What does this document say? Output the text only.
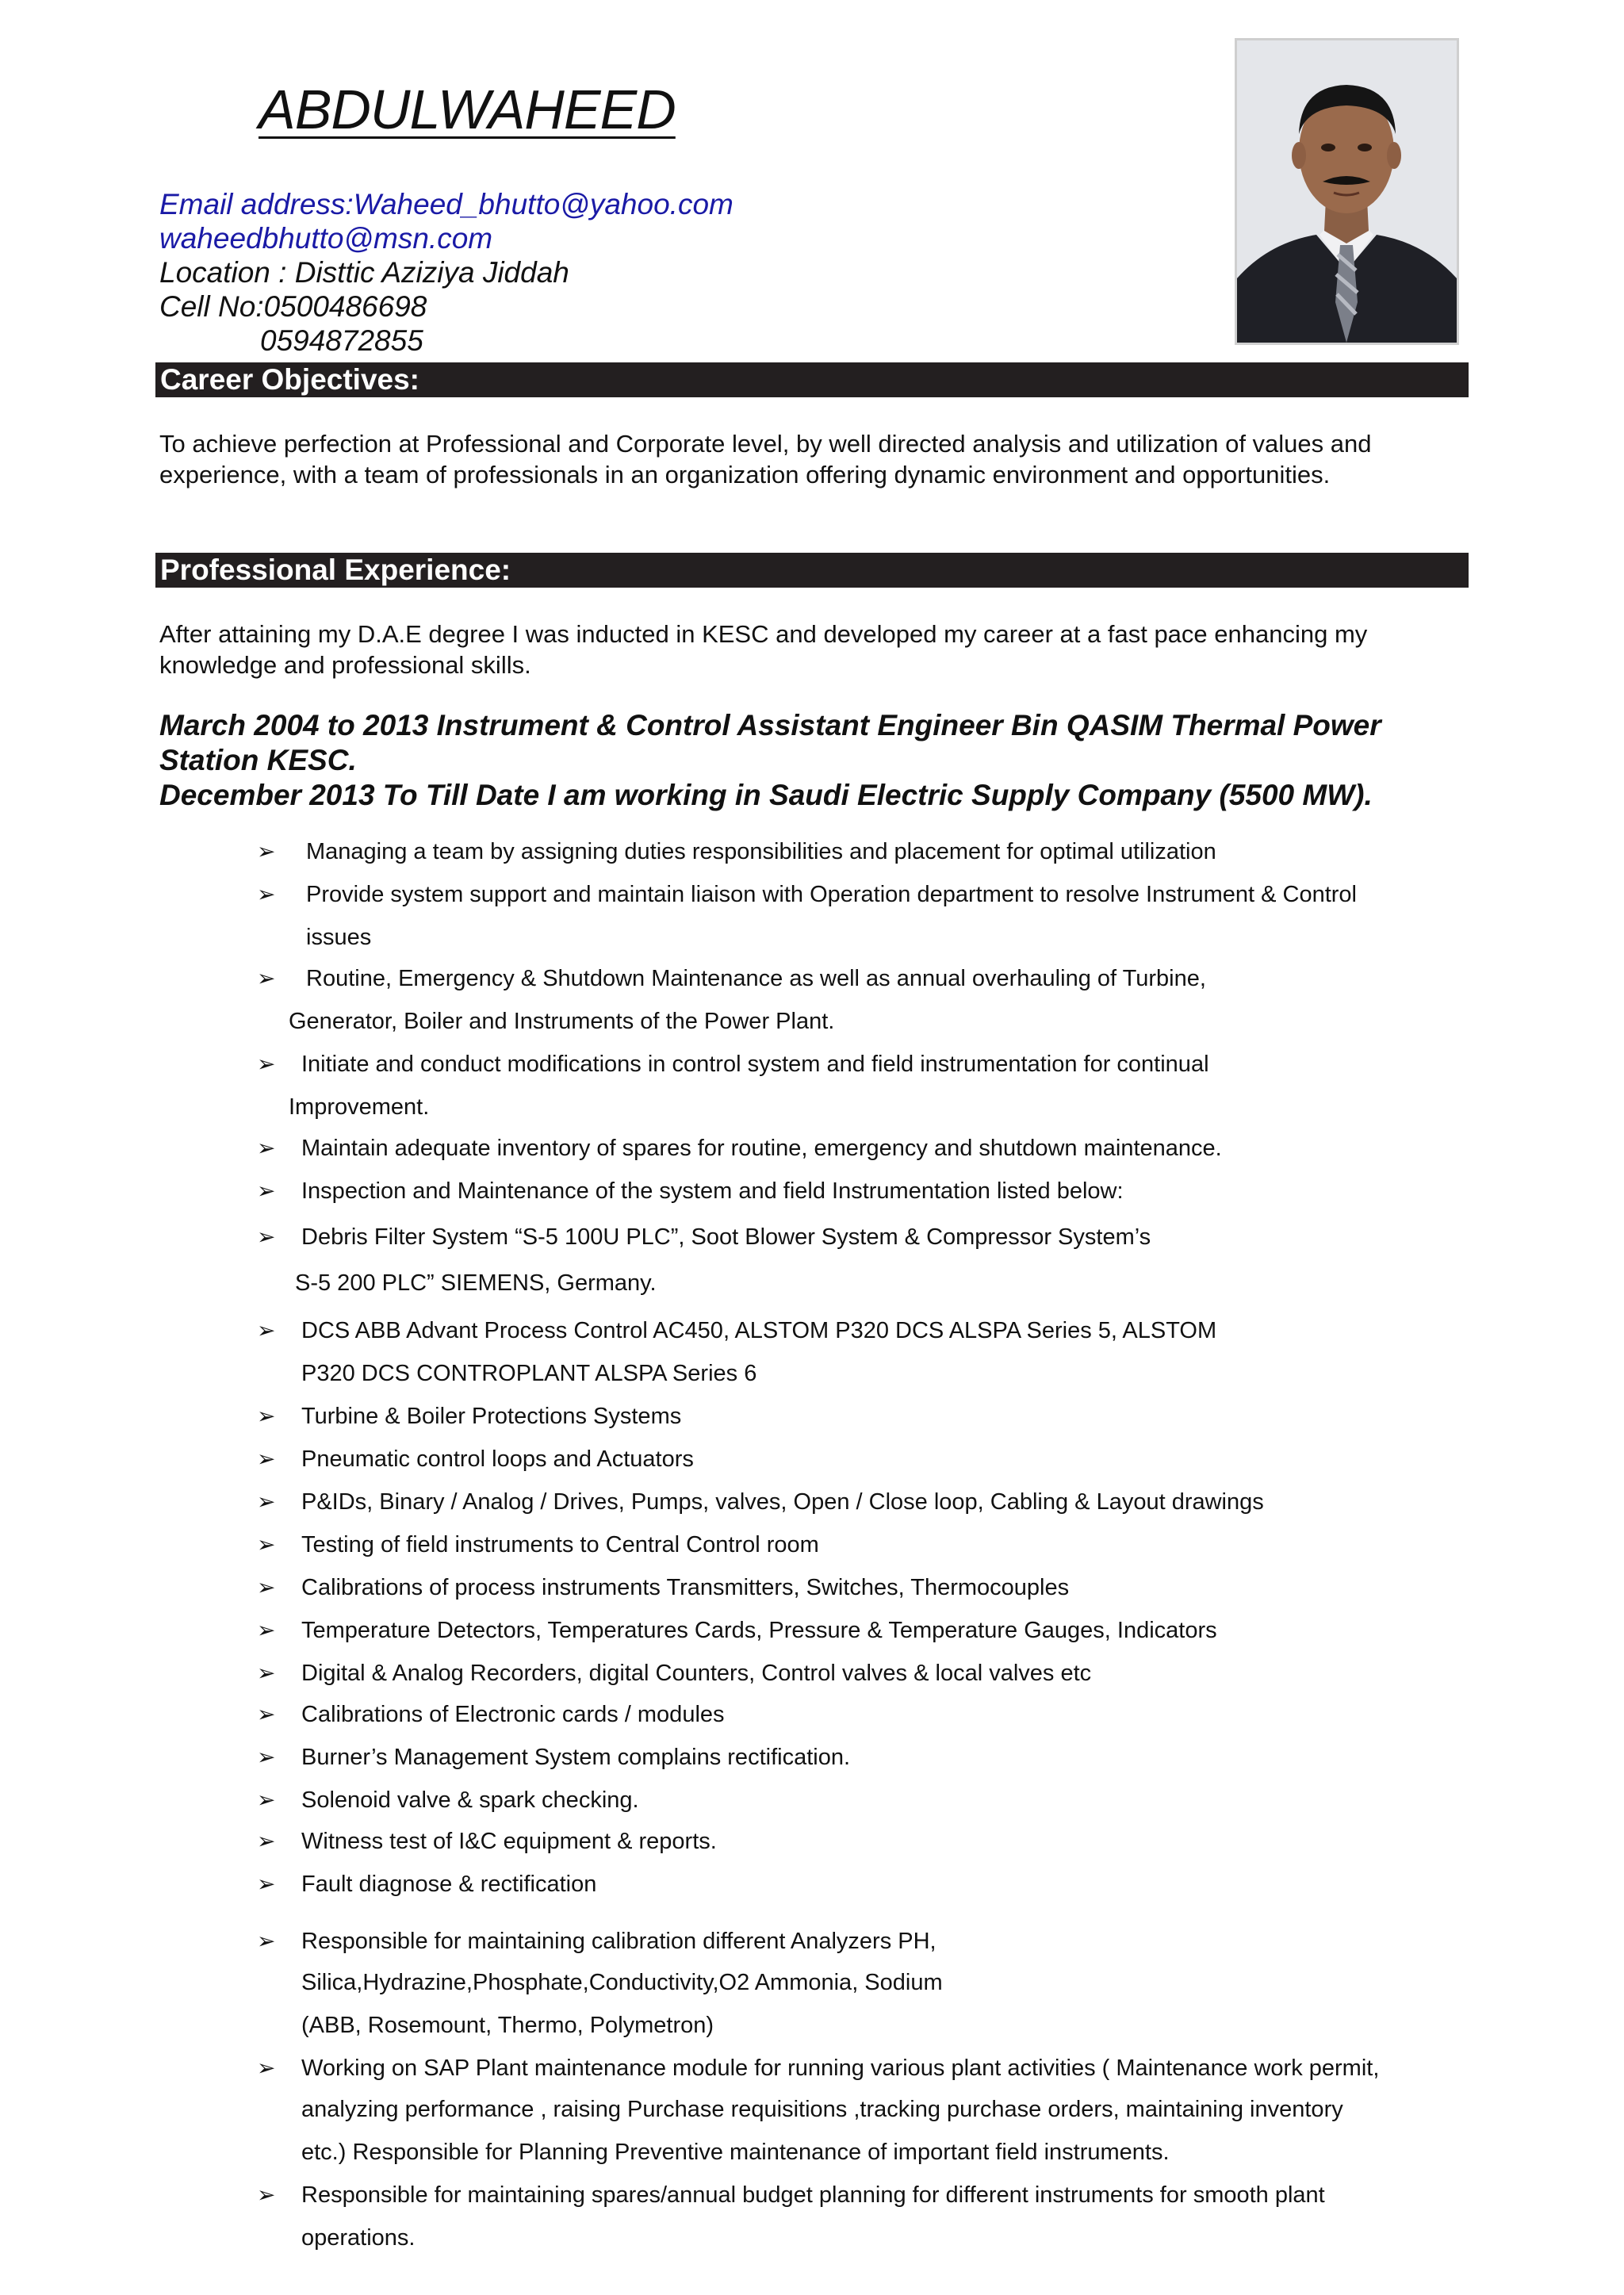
ABDULWAHEED
Email address:Waheed_bhutto@yahoo.com
waheedbhutto@msn.com
Location : Disttic Aziziya Jiddah
Cell No:0500486698
0594872855
Career Objectives:
To achieve perfection at Professional and Corporate level, by well directed analysis and utilization of values and experience, with a team of professionals in an organization offering dynamic environment and opportunities.
Professional Experience:
After attaining my D.A.E degree I was inducted in KESC and developed my career at a fast pace enhancing my knowledge and professional skills.
March 2004 to 2013 Instrument & Control Assistant Engineer Bin QASIM Thermal Power
Station KESC.
December 2013 To Till Date I am working in Saudi Electric Supply Company (5500 MW).
➢ Managing a team by assigning duties responsibilities and placement for optimal utilization
➢ Provide system support and maintain liaison with Operation department to resolve Instrument & Control
issues
➢ Routine, Emergency & Shutdown Maintenance as well as annual overhauling of Turbine,
Generator, Boiler and Instruments of the Power Plant.
➢ Initiate and conduct modifications in control system and field instrumentation for continual
Improvement.
➢ Maintain adequate inventory of spares for routine, emergency and shutdown maintenance.
➢ Inspection and Maintenance of the system and field Instrumentation listed below:
➢ Debris Filter System “S-5 100U PLC”, Soot Blower System & Compressor System’s
S-5 200 PLC” SIEMENS, Germany.
➢ DCS ABB Advant Process Control AC450, ALSTOM P320 DCS ALSPA Series 5, ALSTOM
P320 DCS CONTROPLANT ALSPA Series 6
➢ Turbine & Boiler Protections Systems
➢ Pneumatic control loops and Actuators
➢ P&IDs, Binary / Analog / Drives, Pumps, valves, Open / Close loop, Cabling & Layout drawings
➢ Testing of field instruments to Central Control room
➢ Calibrations of process instruments Transmitters, Switches, Thermocouples
➢ Temperature Detectors, Temperatures Cards, Pressure & Temperature Gauges, Indicators
➢ Digital & Analog Recorders, digital Counters, Control valves & local valves etc
➢ Calibrations of Electronic cards / modules
➢ Burner’s Management System complains rectification.
➢ Solenoid valve & spark checking.
➢ Witness test of I&C equipment & reports.
➢ Fault diagnose & rectification
➢ Responsible for maintaining calibration different Analyzers PH,
Silica,Hydrazine,Phosphate,Conductivity,O2 Ammonia, Sodium
(ABB, Rosemount, Thermo, Polymetron)
➢ Working on SAP Plant maintenance module for running various plant activities ( Maintenance work permit,
analyzing performance , raising Purchase requisitions ,tracking purchase orders, maintaining inventory
etc.) Responsible for Planning Preventive maintenance of important field instruments.
➢ Responsible for maintaining spares/annual budget planning for different instruments for smooth plant
operations.
